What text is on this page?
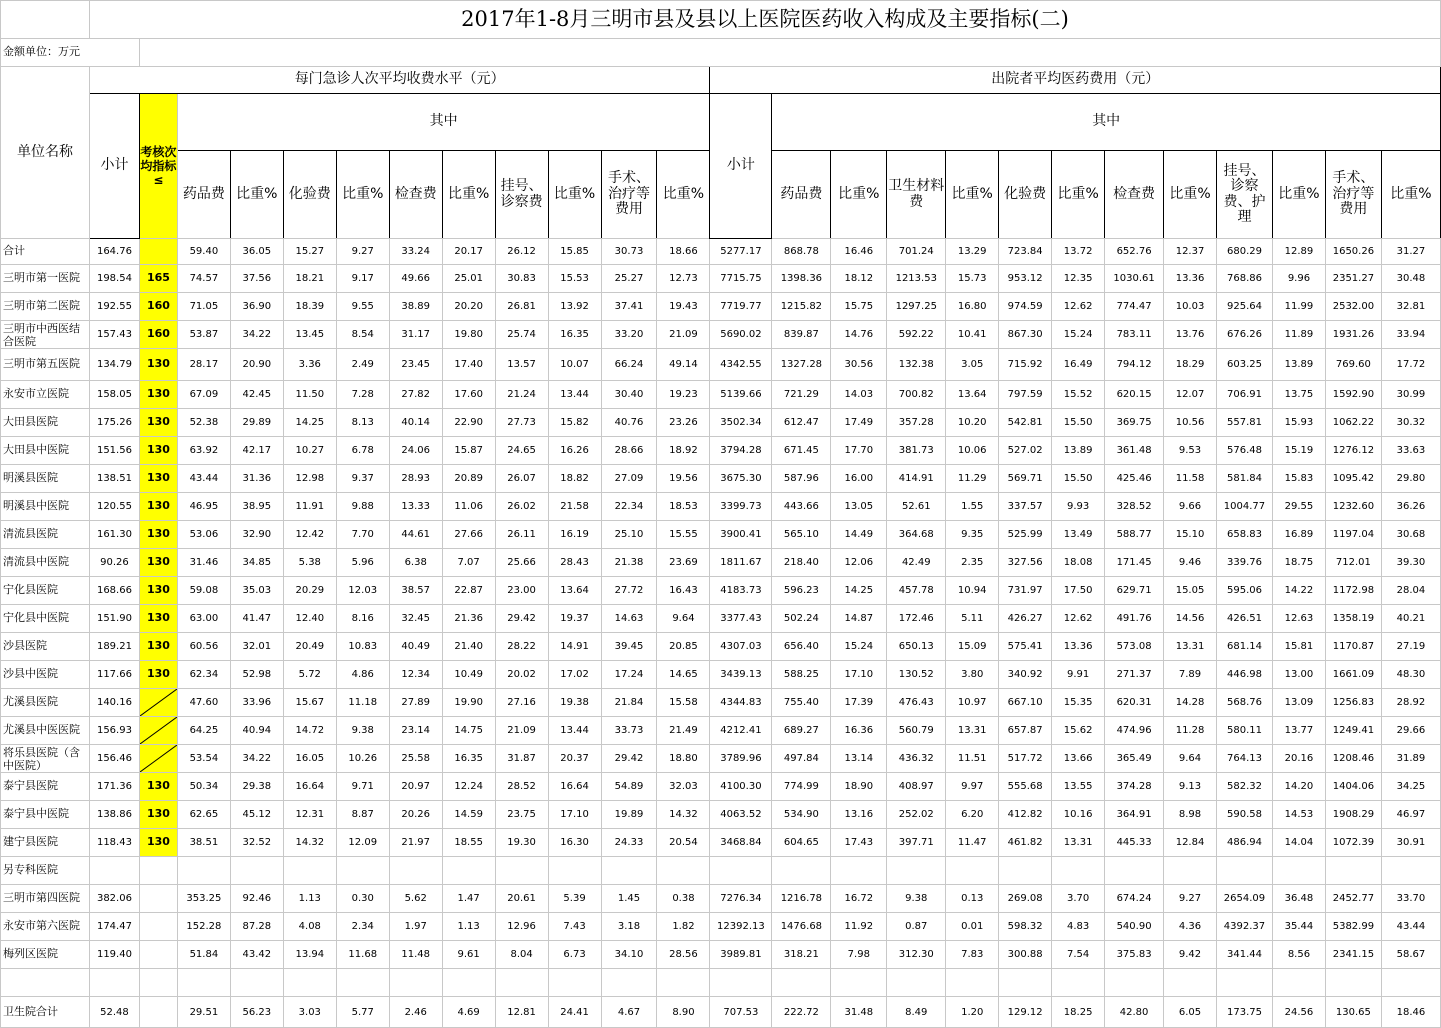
	2017年1-8月三明市县及县以上医院医药收入构成及主要指标(二)																								
金额单位：万元																									
单位名称	每门急诊人次平均收费水平（元）												出院者平均医药费用（元）												
	小计	考核次均指标≤	其中										小计	其中											
			药品费	比重%	化验费	比重%	检查费	比重%	挂号、诊察费	比重%	手术、治疗等费用	比重%		药品费	比重%	卫生材料费	比重%	化验费	比重%	检查费	比重%	挂号、诊察费、护理	比重%	手术、治疗等费用	比重%

合计	164.76		59.40	36.05	15.27	9.27	33.24	20.17	26.12	15.85	30.73	18.66	5277.17	868.78	16.46	701.24	13.29	723.84	13.72	652.76	12.37	680.29	12.89	1650.26	31.27
三明市第一医院	198.54	165	74.57	37.56	18.21	9.17	49.66	25.01	30.83	15.53	25.27	12.73	7715.75	1398.36	18.12	1213.53	15.73	953.12	12.35	1030.61	13.36	768.86	9.96	2351.27	30.48
三明市第二医院	192.55	160	71.05	36.90	18.39	9.55	38.89	20.20	26.81	13.92	37.41	19.43	7719.77	1215.82	15.75	1297.25	16.80	974.59	12.62	774.47	10.03	925.64	11.99	2532.00	32.81
三明市中西医结合医院	157.43	160	53.87	34.22	13.45	8.54	31.17	19.80	25.74	16.35	33.20	21.09	5690.02	839.87	14.76	592.22	10.41	867.30	15.24	783.11	13.76	676.26	11.89	1931.26	33.94
三明市第五医院	134.79	130	28.17	20.90	3.36	2.49	23.45	17.40	13.57	10.07	66.24	49.14	4342.55	1327.28	30.56	132.38	3.05	715.92	16.49	794.12	18.29	603.25	13.89	769.60	17.72
永安市立医院	158.05	130	67.09	42.45	11.50	7.28	27.82	17.60	21.24	13.44	30.40	19.23	5139.66	721.29	14.03	700.82	13.64	797.59	15.52	620.15	12.07	706.91	13.75	1592.90	30.99
大田县医院	175.26	130	52.38	29.89	14.25	8.13	40.14	22.90	27.73	15.82	40.76	23.26	3502.34	612.47	17.49	357.28	10.20	542.81	15.50	369.75	10.56	557.81	15.93	1062.22	30.32
大田县中医院	151.56	130	63.92	42.17	10.27	6.78	24.06	15.87	24.65	16.26	28.66	18.92	3794.28	671.45	17.70	381.73	10.06	527.02	13.89	361.48	9.53	576.48	15.19	1276.12	33.63
明溪县医院	138.51	130	43.44	31.36	12.98	9.37	28.93	20.89	26.07	18.82	27.09	19.56	3675.30	587.96	16.00	414.91	11.29	569.71	15.50	425.46	11.58	581.84	15.83	1095.42	29.80
明溪县中医院	120.55	130	46.95	38.95	11.91	9.88	13.33	11.06	26.02	21.58	22.34	18.53	3399.73	443.66	13.05	52.61	1.55	337.57	9.93	328.52	9.66	1004.77	29.55	1232.60	36.26
清流县医院	161.30	130	53.06	32.90	12.42	7.70	44.61	27.66	26.11	16.19	25.10	15.55	3900.41	565.10	14.49	364.68	9.35	525.99	13.49	588.77	15.10	658.83	16.89	1197.04	30.68
清流县中医院	90.26	130	31.46	34.85	5.38	5.96	6.38	7.07	25.66	28.43	21.38	23.69	1811.67	218.40	12.06	42.49	2.35	327.56	18.08	171.45	9.46	339.76	18.75	712.01	39.30
宁化县医院	168.66	130	59.08	35.03	20.29	12.03	38.57	22.87	23.00	13.64	27.72	16.43	4183.73	596.23	14.25	457.78	10.94	731.97	17.50	629.71	15.05	595.06	14.22	1172.98	28.04
宁化县中医院	151.90	130	63.00	41.47	12.40	8.16	32.45	21.36	29.42	19.37	14.63	9.64	3377.43	502.24	14.87	172.46	5.11	426.27	12.62	491.76	14.56	426.51	12.63	1358.19	40.21
沙县医院	189.21	130	60.56	32.01	20.49	10.83	40.49	21.40	28.22	14.91	39.45	20.85	4307.03	656.40	15.24	650.13	15.09	575.41	13.36	573.08	13.31	681.14	15.81	1170.87	27.19
沙县中医院	117.66	130	62.34	52.98	5.72	4.86	12.34	10.49	20.02	17.02	17.24	14.65	3439.13	588.25	17.10	130.52	3.80	340.92	9.91	271.37	7.89	446.98	13.00	1661.09	48.30
尤溪县医院	140.16		47.60	33.96	15.67	11.18	27.89	19.90	27.16	19.38	21.84	15.58	4344.83	755.40	17.39	476.43	10.97	667.10	15.35	620.31	14.28	568.76	13.09	1256.83	28.92
尤溪县中医医院	156.93		64.25	40.94	14.72	9.38	23.14	14.75	21.09	13.44	33.73	21.49	4212.41	689.27	16.36	560.79	13.31	657.87	15.62	474.96	11.28	580.11	13.77	1249.41	29.66
将乐县医院（含中医院）	156.46		53.54	34.22	16.05	10.26	25.58	16.35	31.87	20.37	29.42	18.80	3789.96	497.84	13.14	436.32	11.51	517.72	13.66	365.49	9.64	764.13	20.16	1208.46	31.89
泰宁县医院	171.36	130	50.34	29.38	16.64	9.71	20.97	12.24	28.52	16.64	54.89	32.03	4100.30	774.99	18.90	408.97	9.97	555.68	13.55	374.28	9.13	582.32	14.20	1404.06	34.25
泰宁县中医院	138.86	130	62.65	45.12	12.31	8.87	20.26	14.59	23.75	17.10	19.89	14.32	4063.52	534.90	13.16	252.02	6.20	412.82	10.16	364.91	8.98	590.58	14.53	1908.29	46.97
建宁县医院	118.43	130	38.51	32.52	14.32	12.09	21.97	18.55	19.30	16.30	24.33	20.54	3468.84	604.65	17.43	397.71	11.47	461.82	13.31	445.33	12.84	486.94	14.04	1072.39	30.91
另专科医院																									
三明市第四医院	382.06		353.25	92.46	1.13	0.30	5.62	1.47	20.61	5.39	1.45	0.38	7276.34	1216.78	16.72	9.38	0.13	269.08	3.70	674.24	9.27	2654.09	36.48	2452.77	33.70
永安市第六医院	174.47		152.28	87.28	4.08	2.34	1.97	1.13	12.96	7.43	3.18	1.82	12392.13	1476.68	11.92	0.87	0.01	598.32	4.83	540.90	4.36	4392.37	35.44	5382.99	43.44
梅列区医院	119.40		51.84	43.42	13.94	11.68	11.48	9.61	8.04	6.73	34.10	28.56	3989.81	318.21	7.98	312.30	7.83	300.88	7.54	375.83	9.42	341.44	8.56	2341.15	58.67

卫生院合计	52.48		29.51	56.23	3.03	5.77	2.46	4.69	12.81	24.41	4.67	8.90	707.53	222.72	31.48	8.49	1.20	129.12	18.25	42.80	6.05	173.75	24.56	130.65	18.46
